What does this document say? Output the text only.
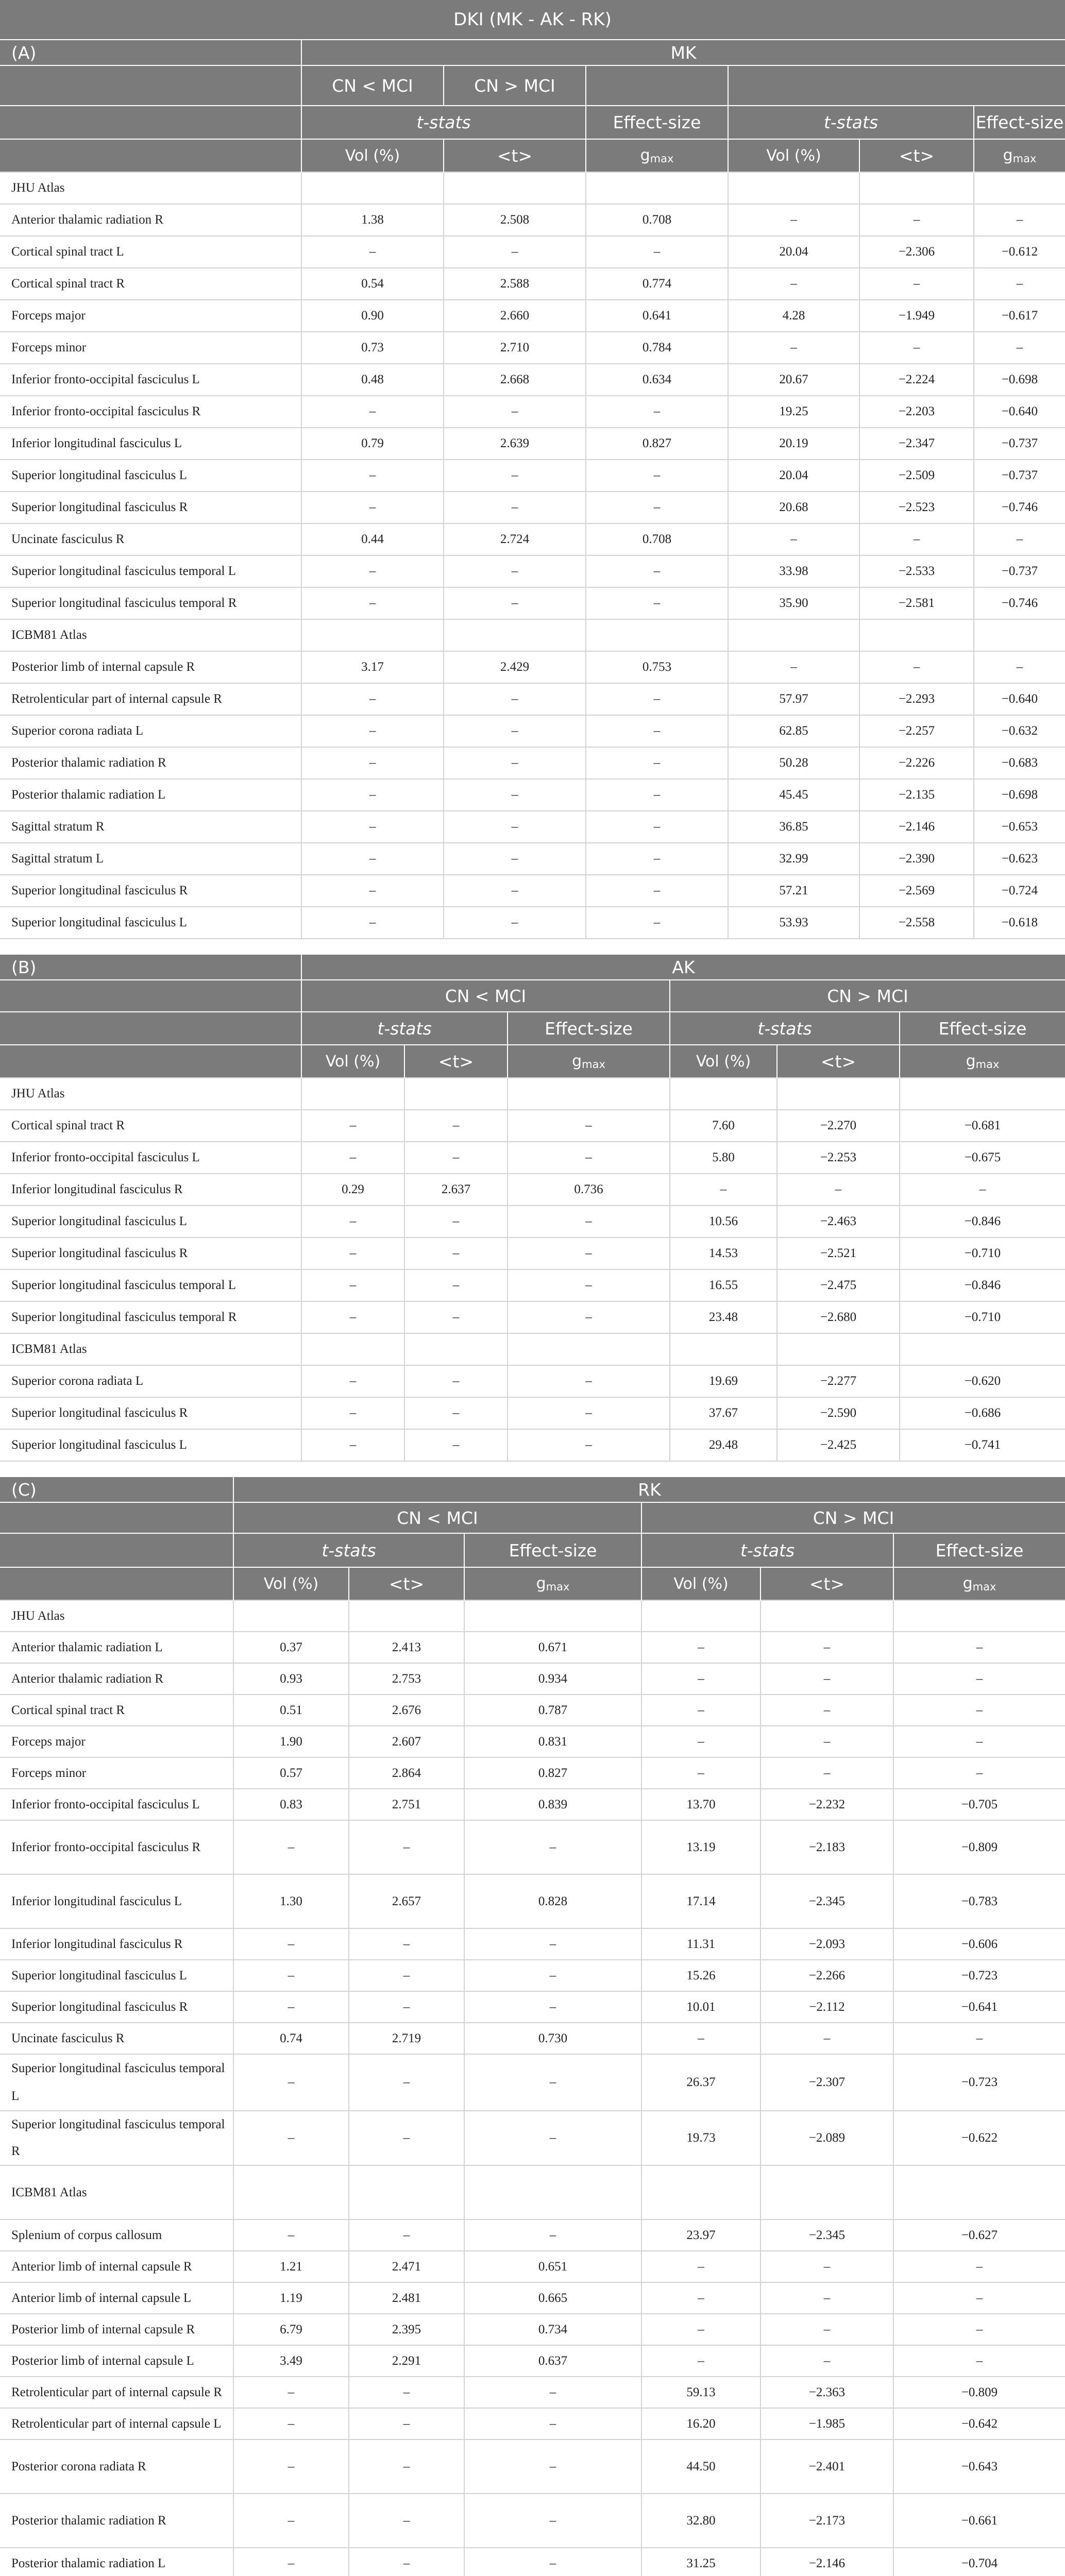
DKI (MK - AK - RK)
(A)	MK					
	CN < MCI	CN > MCI				
	t-stats		Effect-size	t-stats		Effect-size
	Vol (%)	<t>	$g_{max}$	Vol (%)	<t>	$g_{max}$
JHU Atlas						
Anterior thalamic radiation R	1.38	2.508	0.708	–	–	–
Cortical spinal tract L	–	–	–	20.04	−2.306	−0.612
Cortical spinal tract R	0.54	2.588	0.774	–	–	–
Forceps major	0.90	2.660	0.641	4.28	−1.949	−0.617
Forceps minor	0.73	2.710	0.784	–	–	–
Inferior fronto-occipital fasciculus L	0.48	2.668	0.634	20.67	−2.224	−0.698
Inferior fronto-occipital fasciculus R	–	–	–	19.25	−2.203	−0.640
Inferior longitudinal fasciculus L	0.79	2.639	0.827	20.19	−2.347	−0.737
Superior longitudinal fasciculus L	–	–	–	20.04	−2.509	−0.737
Superior longitudinal fasciculus R	–	–	–	20.68	−2.523	−0.746
Uncinate fasciculus R	0.44	2.724	0.708	–	–	–
Superior longitudinal fasciculus temporal L	–	–	–	33.98	−2.533	−0.737
Superior longitudinal fasciculus temporal R	–	–	–	35.90	−2.581	−0.746
ICBM81 Atlas						
Posterior limb of internal capsule R	3.17	2.429	0.753	–	–	–
Retrolenticular part of internal capsule R	–	–	–	57.97	−2.293	−0.640
Superior corona radiata L	–	–	–	62.85	−2.257	−0.632
Posterior thalamic radiation R	–	–	–	50.28	−2.226	−0.683
Posterior thalamic radiation L	–	–	–	45.45	−2.135	−0.698
Sagittal stratum R	–	–	–	36.85	−2.146	−0.653
Sagittal stratum L	–	–	–	32.99	−2.390	−0.623
Superior longitudinal fasciculus R	–	–	–	57.21	−2.569	−0.724
Superior longitudinal fasciculus L	–	–	–	53.93	−2.558	−0.618
(B)	AK					
	CN < MCI			CN > MCI		
	t-stats		Effect-size	t-stats		Effect-size
	Vol (%)	<t>	$g_{max}$	Vol (%)	<t>	$g_{max}$
JHU Atlas						
Cortical spinal tract R	–	–	–	7.60	−2.270	−0.681
Inferior fronto-occipital fasciculus L	–	–	–	5.80	−2.253	−0.675
Inferior longitudinal fasciculus R	0.29	2.637	0.736	–	–	–
Superior longitudinal fasciculus L	–	–	–	10.56	−2.463	−0.846
Superior longitudinal fasciculus R	–	–	–	14.53	−2.521	−0.710
Superior longitudinal fasciculus temporal L	–	–	–	16.55	−2.475	−0.846
Superior longitudinal fasciculus temporal R	–	–	–	23.48	−2.680	−0.710
ICBM81 Atlas						
Superior corona radiata L	–	–	–	19.69	−2.277	−0.620
Superior longitudinal fasciculus R	–	–	–	37.67	−2.590	−0.686
Superior longitudinal fasciculus L	–	–	–	29.48	−2.425	−0.741
(C)	RK					
	CN < MCI			CN > MCI		
	t-stats		Effect-size	t-stats		Effect-size
	Vol (%)	<t>	$g_{max}$	Vol (%)	<t>	$g_{max}$
JHU Atlas						
Anterior thalamic radiation L	0.37	2.413	0.671	–	–	–
Anterior thalamic radiation R	0.93	2.753	0.934	–	–	–
Cortical spinal tract R	0.51	2.676	0.787	–	–	–
Forceps major	1.90	2.607	0.831	–	–	–
Forceps minor	0.57	2.864	0.827	–	–	–
Inferior fronto-occipital fasciculus L	0.83	2.751	0.839	13.70	−2.232	−0.705
Inferior fronto-occipital fasciculus R	–	–	–	13.19	−2.183	−0.809
Inferior longitudinal fasciculus L	1.30	2.657	0.828	17.14	−2.345	−0.783
Inferior longitudinal fasciculus R	–	–	–	11.31	−2.093	−0.606
Superior longitudinal fasciculus L	–	–	–	15.26	−2.266	−0.723
Superior longitudinal fasciculus R	–	–	–	10.01	−2.112	−0.641
Uncinate fasciculus R	0.74	2.719	0.730	–	–	–
Superior longitudinal fasciculus temporal L	–	–	–	26.37	−2.307	−0.723
Superior longitudinal fasciculus temporal R	–	–	–	19.73	−2.089	−0.622
ICBM81 Atlas						
Splenium of corpus callosum	–	–	–	23.97	−2.345	−0.627
Anterior limb of internal capsule R	1.21	2.471	0.651	–	–	–
Anterior limb of internal capsule L	1.19	2.481	0.665	–	–	–
Posterior limb of internal capsule R	6.79	2.395	0.734	–	–	–
Posterior limb of internal capsule L	3.49	2.291	0.637	–	–	–
Retrolenticular part of internal capsule R	–	–	–	59.13	−2.363	−0.809
Retrolenticular part of internal capsule L	–	–	–	16.20	−1.985	−0.642
Posterior corona radiata R	–	–	–	44.50	−2.401	−0.643
Posterior thalamic radiation R	–	–	–	32.80	−2.173	−0.661
Posterior thalamic radiation L	–	–	–	31.25	−2.146	−0.704
